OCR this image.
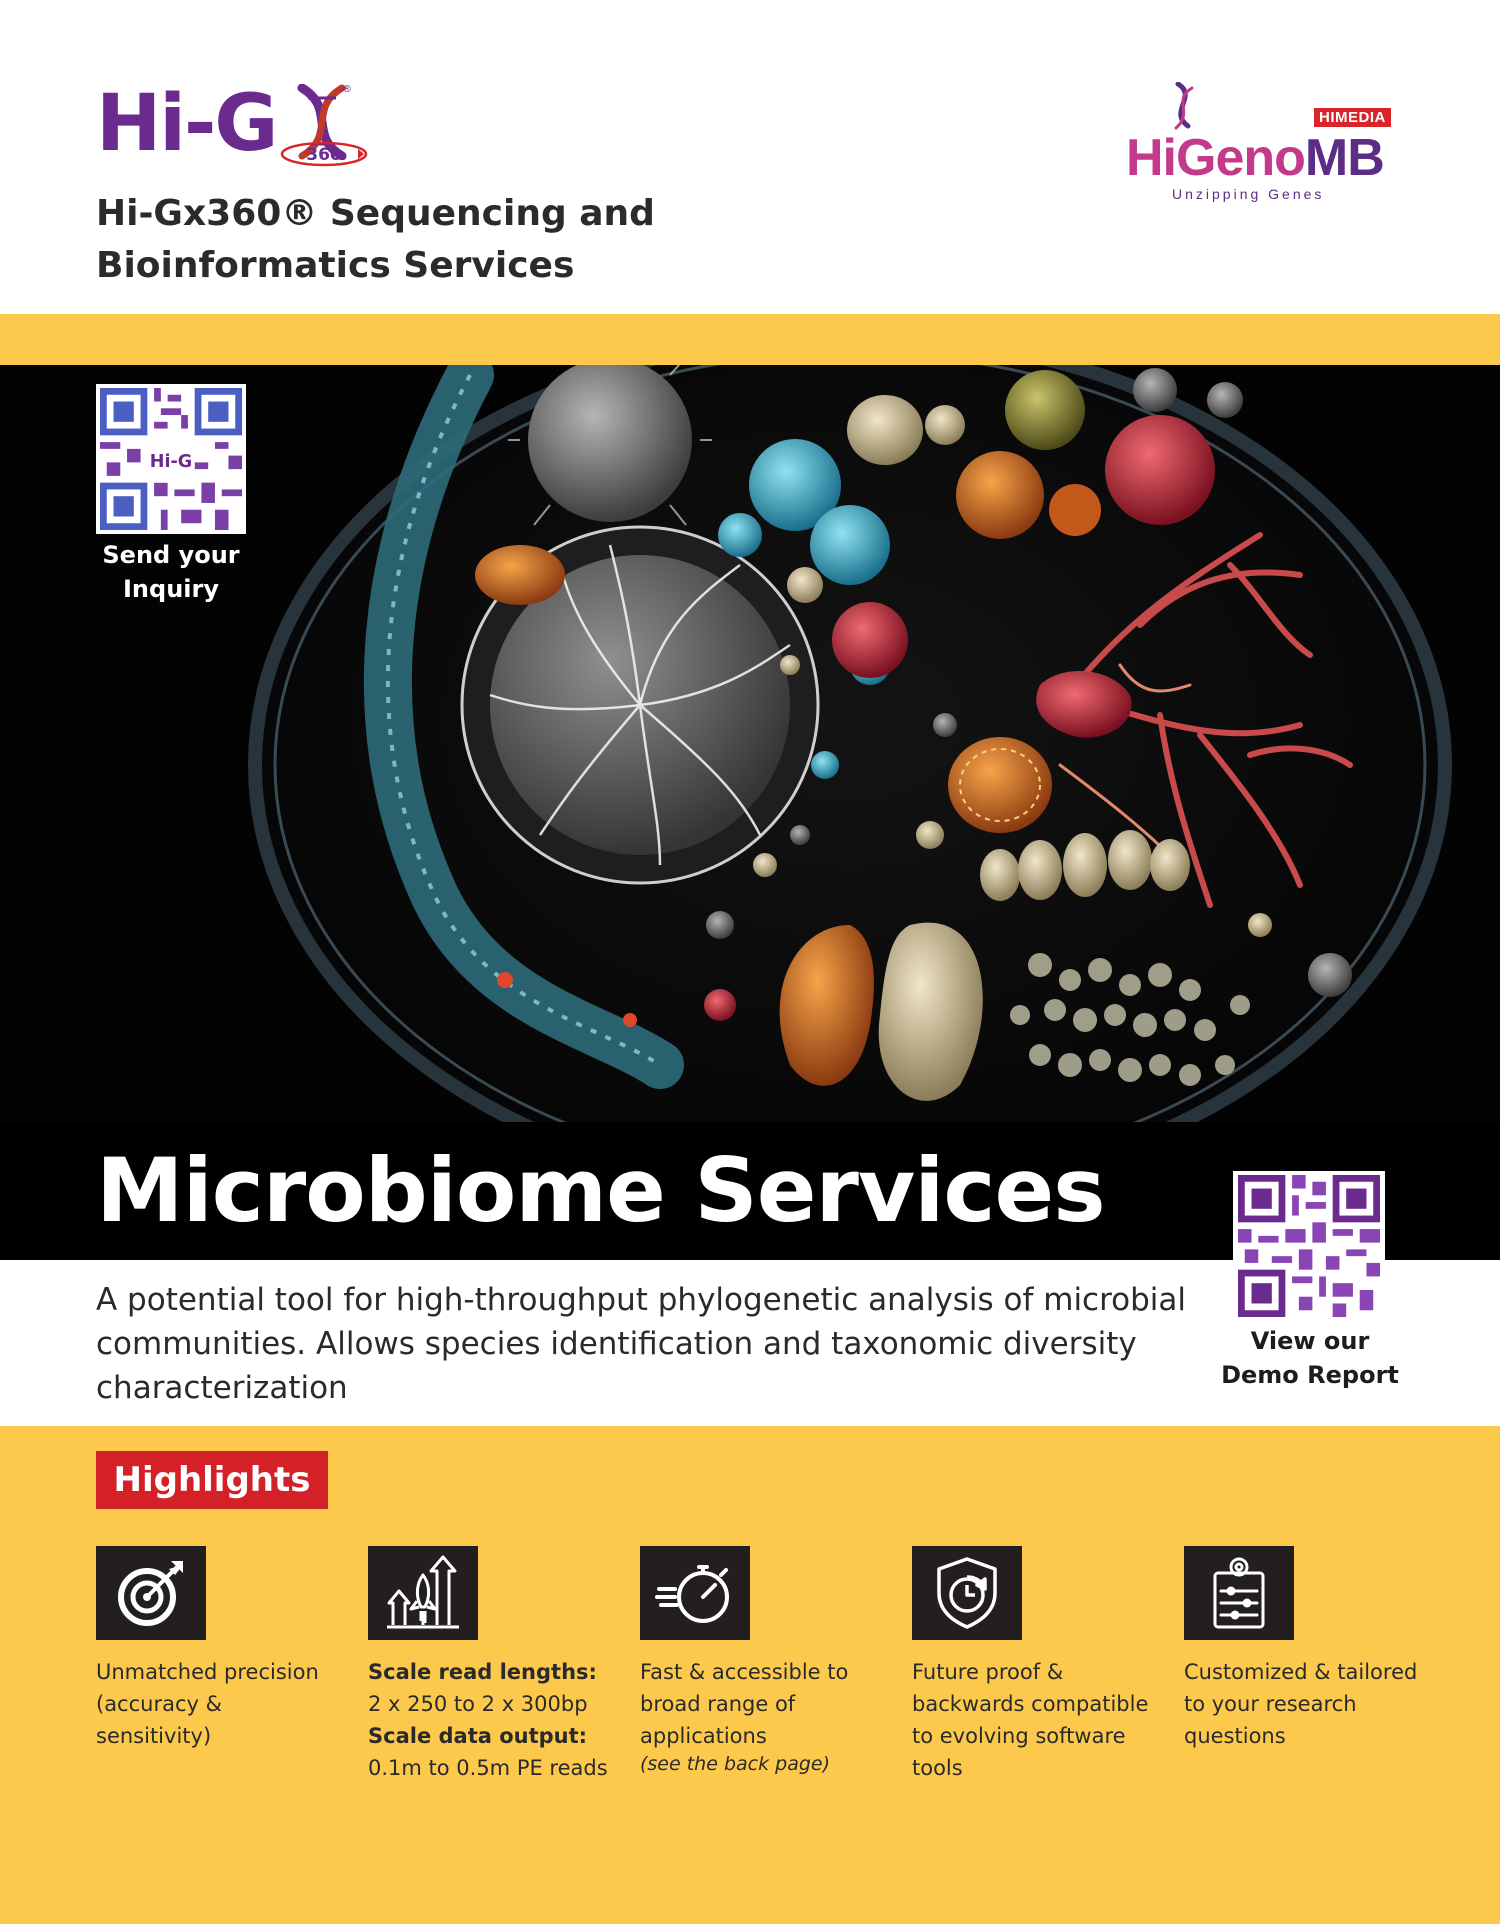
Hi-G 360
®
Hi-Gx360® Sequencing and
Bioinformatics Services
HiGenoMB
HIMEDIA
Unzipping Genes
Hi-G
Send your
Inquiry
Microbiome Services
View our
Demo Report

A potential tool for high-throughput phylogenetic analysis of microbial communities. Allows species identification and taxonomic diversity characterization

Highlights
Unmatched precision (accuracy & sensitivity)
Scale read lengths:
2 x 250 to 2 x 300bp
Scale data output:
0.1m to 0.5m PE reads
Fast & accessible to broad range of applications
(see the back page)
Future proof & backwards compatible to evolving software tools
Customized & tailored to your research questions
